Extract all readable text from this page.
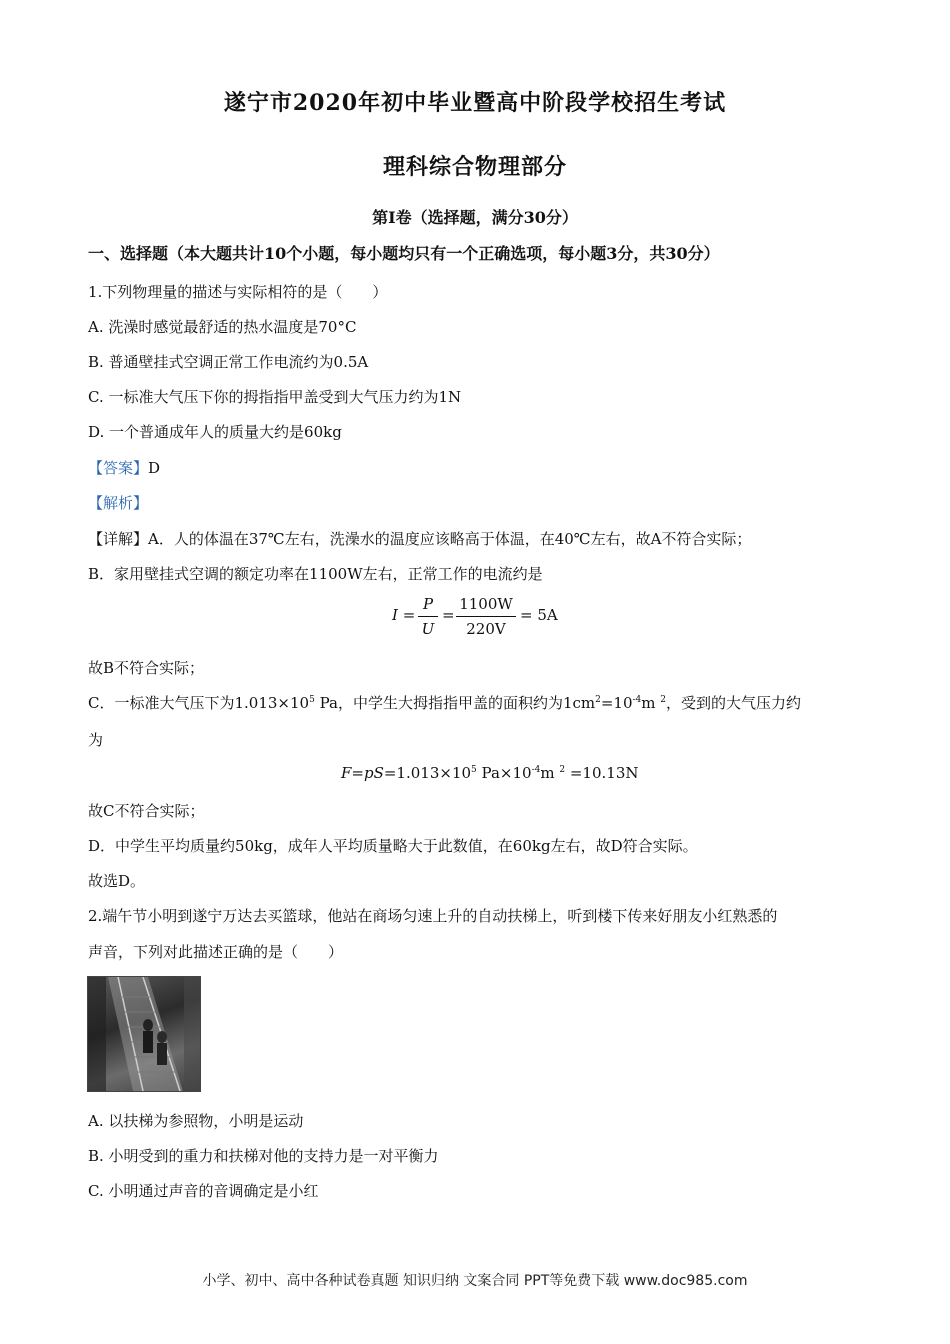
遂宁市2020年初中毕业暨高中阶段学校招生考试
理科综合物理部分
第I卷（选择题，满分30分）
一、选择题（本大题共计10个小题，每小题均只有一个正确选项，每小题3分，共30分）
1.下列物理量的描述与实际相符的是（　　）
A. 洗澡时感觉最舒适的热水温度是70°C
B. 普通壁挂式空调正常工作电流约为0.5A
C. 一标准大气压下你的拇指指甲盖受到大气压力约为1N
D. 一个普通成年人的质量大约是60kg
【答案】D
【解析】
【详解】A．人的体温在37℃左右，洗澡水的温度应该略高于体温，在40℃左右，故A不符合实际；
B．家用壁挂式空调的额定功率在1100W左右，正常工作的电流约是
I =
P
U
=
1100W
220V
= 5A
故B不符合实际；
C．一标准大气压下为$1.013\times 10^5$ Pa，中学生大拇指指甲盖的面积约为$1cm^2=10^{-4}m$ $^2$，受到的大气压力约
为
$F=pS=1.013\times 10^5$ $Pa\times 10^{-4}m$ $^2$ =10.13N
故C不符合实际；
D．中学生平均质量约50kg，成年人平均质量略大于此数值，在60kg左右，故D符合实际。
故选D。
2.端午节小明到遂宁万达去买篮球，他站在商场匀速上升的自动扶梯上，听到楼下传来好朋友小红熟悉的
声音，下列对此描述正确的是（　　）
A. 以扶梯为参照物，小明是运动
B. 小明受到的重力和扶梯对他的支持力是一对平衡力
C. 小明通过声音的音调确定是小红
小学、初中、高中各种试卷真题 知识归纳 文案合同 PPT等免费下载 www.doc985.com
